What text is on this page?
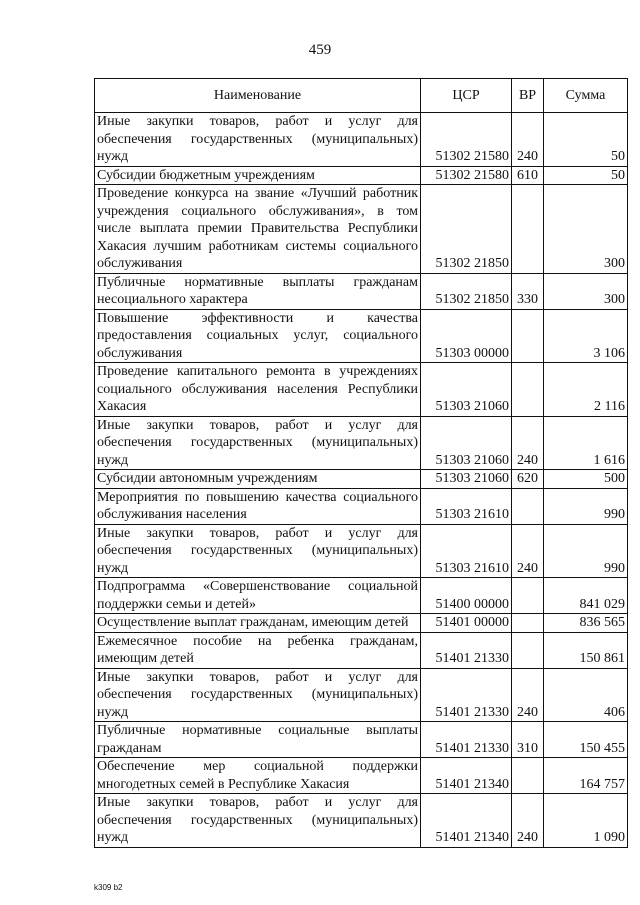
459
Наименование	ЦСР	ВР	Сумма
Иные закупки товаров, работ и услуг для обеспечения государственных (муниципальных) нужд	51302 21580	240	50
Субсидии бюджетным учреждениям	51302 21580	610	50
Проведение конкурса на звание «Лучший работник учреждения социального обслуживания», в том числе выплата премии Правительства Республики Хакасия лучшим работникам системы социального обслуживания	51302 21850		300
Публичные нормативные выплаты гражданам несоциального характера	51302 21850	330	300
Повышение эффективности и качества предоставления социальных услуг, социального обслуживания	51303 00000		3 106
Проведение капитального ремонта в учреждениях социального обслуживания населения Республики Хакасия	51303 21060		2 116
Иные закупки товаров, работ и услуг для обеспечения государственных (муниципальных) нужд	51303 21060	240	1 616
Субсидии автономным учреждениям	51303 21060	620	500
Мероприятия по повышению качества социального обслуживания населения	51303 21610		990
Иные закупки товаров, работ и услуг для обеспечения государственных (муниципальных) нужд	51303 21610	240	990
Подпрограмма «Совершенствование социальной поддержки семьи и детей»	51400 00000		841 029
Осуществление выплат гражданам, имеющим детей	51401 00000		836 565
Ежемесячное пособие на ребенка гражданам, имеющим детей	51401 21330		150 861
Иные закупки товаров, работ и услуг для обеспечения государственных (муниципальных) нужд	51401 21330	240	406
Публичные нормативные социальные выплаты гражданам	51401 21330	310	150 455
Обеспечение мер социальной поддержки многодетных семей в Республике Хакасия	51401 21340		164 757
Иные закупки товаров, работ и услуг для обеспечения государственных (муниципальных) нужд	51401 21340	240	1 090
k309 b2
